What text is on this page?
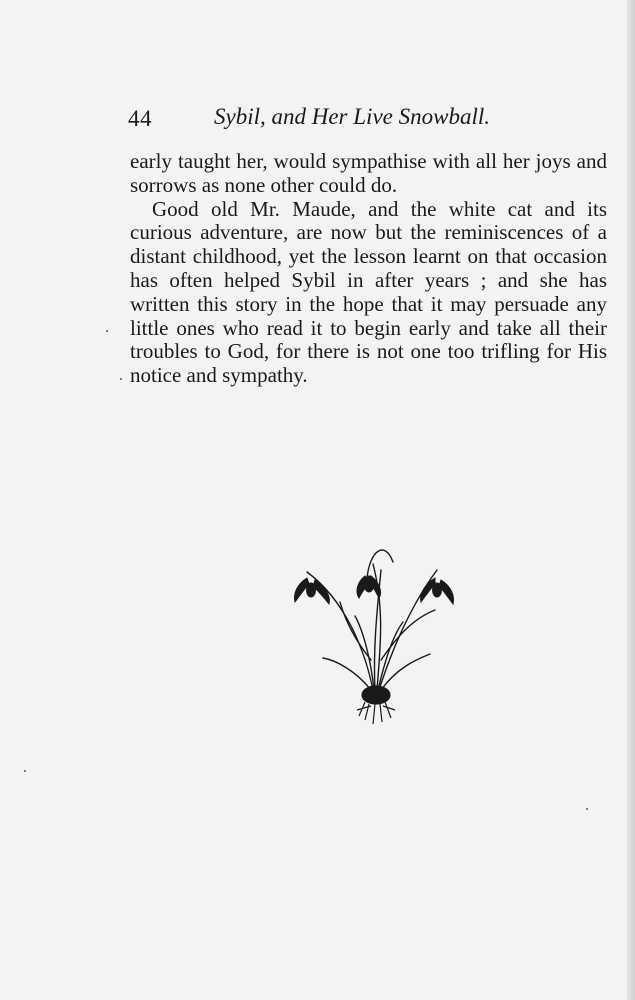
44	Sybil, and Her Live Snowball.

early taught her, would sympathise with all her joys and sorrows as none other could do.

Good old Mr. Maude, and the white cat and its curious adventure, are now but the reminiscences of a distant childhood, yet the lesson learnt on that occasion has often helped Sybil in after years ; and she has written this story in the hope that it may persuade any little ones who read it to begin early and take all their troubles to God, for there is not one too trifling for His notice and sympathy.
